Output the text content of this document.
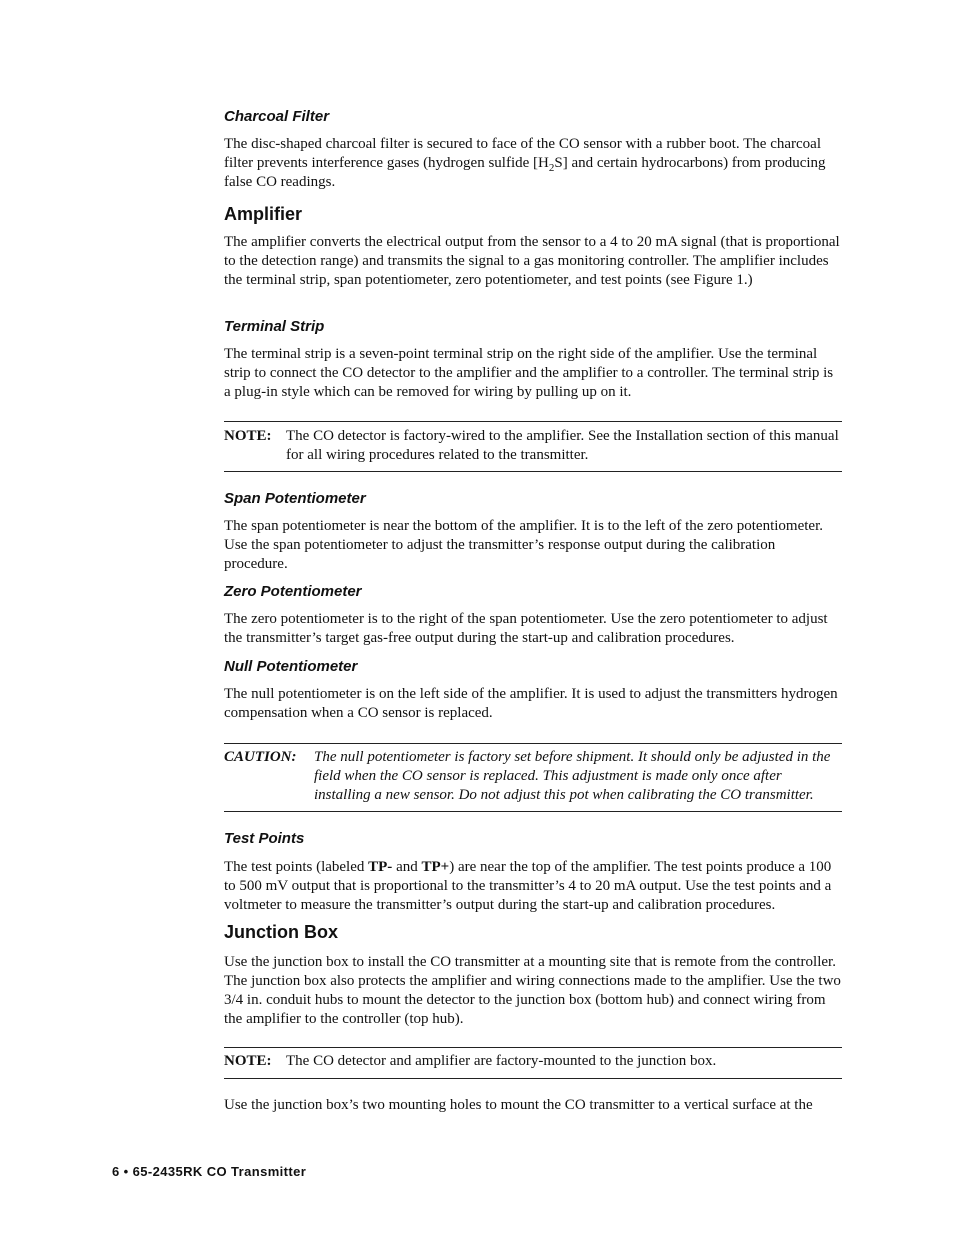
Charcoal Filter

The disc-shaped charcoal filter is secured to face of the CO sensor with a rubber boot. The charcoal filter prevents interference gases (hydrogen sulfide $[H_2S]$ and certain hydrocarbons) from producing false CO readings.

Amplifier

The amplifier converts the electrical output from the sensor to a 4 to 20 mA signal (that is proportional to the detection range) and transmits the signal to a gas monitoring controller. The amplifier includes the terminal strip, span potentiometer, zero potentiometer, and test points (see Figure 1.)

Terminal Strip

The terminal strip is a seven-point terminal strip on the right side of the amplifier. Use the terminal strip to connect the CO detector to the amplifier and the amplifier to a controller. The terminal strip is a plug-in style which can be removed for wiring by pulling up on it.

NOTE: The CO detector is factory-wired to the amplifier. See the Installation section of this manual for all wiring procedures related to the transmitter.
Span Potentiometer

The span potentiometer is near the bottom of the amplifier. It is to the left of the zero potentiometer. Use the span potentiometer to adjust the transmitter’s response output during the calibration procedure.

Zero Potentiometer

The zero potentiometer is to the right of the span potentiometer. Use the zero potentiometer to adjust the transmitter’s target gas-free output during the start-up and calibration procedures.

Null Potentiometer

The null potentiometer is on the left side of the amplifier. It is used to adjust the transmitters hydrogen compensation when a CO sensor is replaced.

CAUTION: The null potentiometer is factory set before shipment. It should only be adjusted in the field when the CO sensor is replaced. This adjustment is made only once after installing a new sensor. Do not adjust this pot when calibrating the CO transmitter.
Test Points

The test points (labeled TP- and TP+) are near the top of the amplifier. The test points produce a 100 to 500 mV output that is proportional to the transmitter’s 4 to 20 mA output. Use the test points and a voltmeter to measure the transmitter’s output during the start-up and calibration procedures.

Junction Box

Use the junction box to install the CO transmitter at a mounting site that is remote from the controller. The junction box also protects the amplifier and wiring connections made to the amplifier. Use the two 3/4 in. conduit hubs to mount the detector to the junction box (bottom hub) and connect wiring from the amplifier to the controller (top hub).

NOTE: The CO detector and amplifier are factory-mounted to the junction box.

Use the junction box’s two mounting holes to mount the CO transmitter to a vertical surface at the

6 • 65-2435RK CO Transmitter
